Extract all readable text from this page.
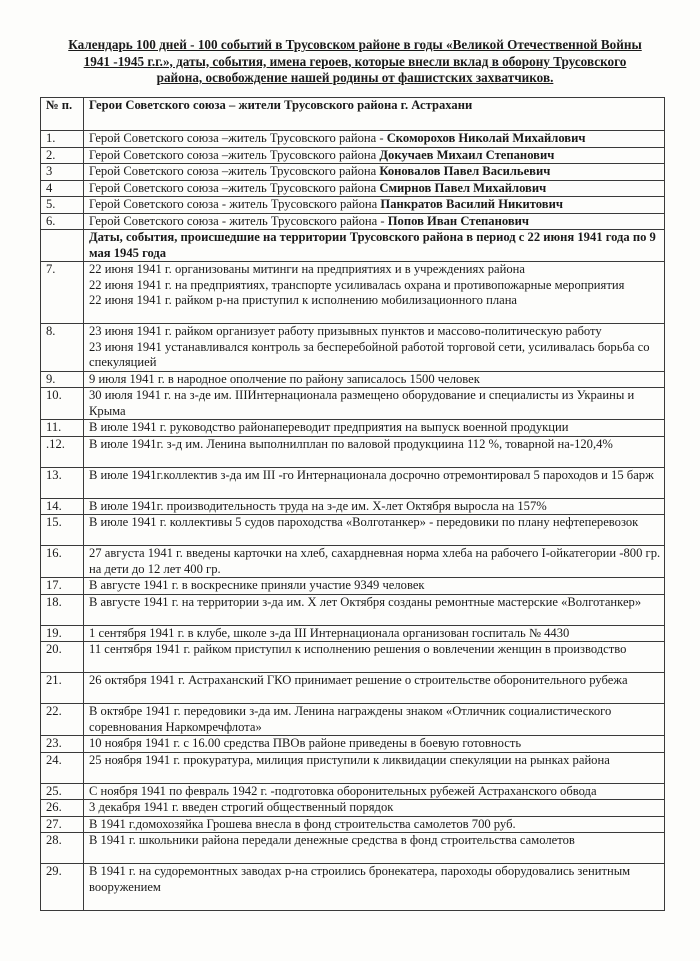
Календарь 100 дней - 100 событий в Трусовском районе в годы «Великой Отечественной Войны 1941 -1945 г.г.», даты, события, имена героев, которые внесли вклад в оборону Трусовского района, освобождение нашей родины от фашистских захватчиков.
№ п.	Герои Советского союза – жители Трусовского района г. Астрахани
1.	Герой Советского союза –житель Трусовского района - Скоморохов Николай Михайлович
2.	Герой Советского союза –житель Трусовского района Докучаев Михаил Степанович
3	Герой Советского союза –житель Трусовского района Коновалов Павел Васильевич
4	Герой Советского союза –житель Трусовского района Смирнов Павел Михайлович
5.	Герой Советского союза - житель Трусовского района Панкратов Василий Никитович
6.	Герой Советского союза - житель Трусовского района - Попов Иван Степанович
	Даты, события, происшедшие на территории Трусовского района в период с 22 июня 1941 года по 9 мая 1945 года
7.	22 июня 1941 г. организованы митинги на предприятиях и в учреждениях района
22 июня 1941 г. на предприятиях, транспорте усиливалась охрана и противопожарные мероприятия
22 июня 1941 г. райком р-на приступил к исполнению мобилизационного плана
8.	23 июня 1941 г. райком организует работу призывных пунктов и массово-политическую работу
23 июня 1941 устанавливался контроль за бесперебойной работой торговой сети, усиливалась борьба со спекуляцией
9.	9 июля 1941 г. в народное ополчение по району записалось 1500 человек
10.	30 июля 1941 г. на з-де им. IIIИнтернационала размещено оборудование и специалисты из Украины и Крыма
11.	В июле 1941 г. руководство районапереводит предприятия на выпуск военной продукции
.12.	В июле 1941г. з-д им. Ленина выполнилплан по валовой продукциина 112 %, товарной на-120,4%
13.	В июле 1941г.коллектив з-да им III -го Интернационала досрочно отремонтировал 5 пароходов и 15 барж
14.	В июле 1941г. производительность труда на з-де им. Х-лет Октября выросла на 157%
15.	В июле 1941 г. коллективы 5 судов пароходства «Волготанкер» - передовики по плану нефтеперевозок
16.	27 августа 1941 г. введены карточки на хлеб, сахардневная норма хлеба на рабочего I-ойкатегории -800 гр. на дети до 12 лет 400 гр.
17.	В августе 1941 г. в воскреснике приняли участие 9349 человек
18.	В августе 1941 г. на территории з-да им. Х лет Октября созданы ремонтные мастерские «Волготанкер»
19.	1 сентября 1941 г. в клубе, школе з-да III Интернационала организован госпиталь № 4430
20.	11 сентября 1941 г. райком приступил к исполнению решения о вовлечении женщин в производство
21.	26 октября 1941 г. Астраханский ГКО принимает решение о строительстве оборонительного рубежа
22.	В октябре 1941 г. передовики з-да им. Ленина награждены знаком «Отличник социалистического соревнования Наркомречфлота»
23.	10 ноября 1941 г. с 16.00 средства ПВОв районе приведены в боевую готовность
24.	25 ноября 1941 г. прокуратура, милиция приступили к ликвидации спекуляции на рынках района
25.	С ноября 1941 по февраль 1942 г. -подготовка оборонительных рубежей Астраханского обвода
26.	3 декабря 1941 г. введен строгий общественный порядок
27.	В 1941 г.домохозяйка Грошева внесла в фонд строительства самолетов 700 руб.
28.	В 1941 г. школьники района передали денежные средства в фонд строительства самолетов
29.	В 1941 г. на судоремонтных заводах р-на строились бронекатера, пароходы оборудовались зенитным вооружением
